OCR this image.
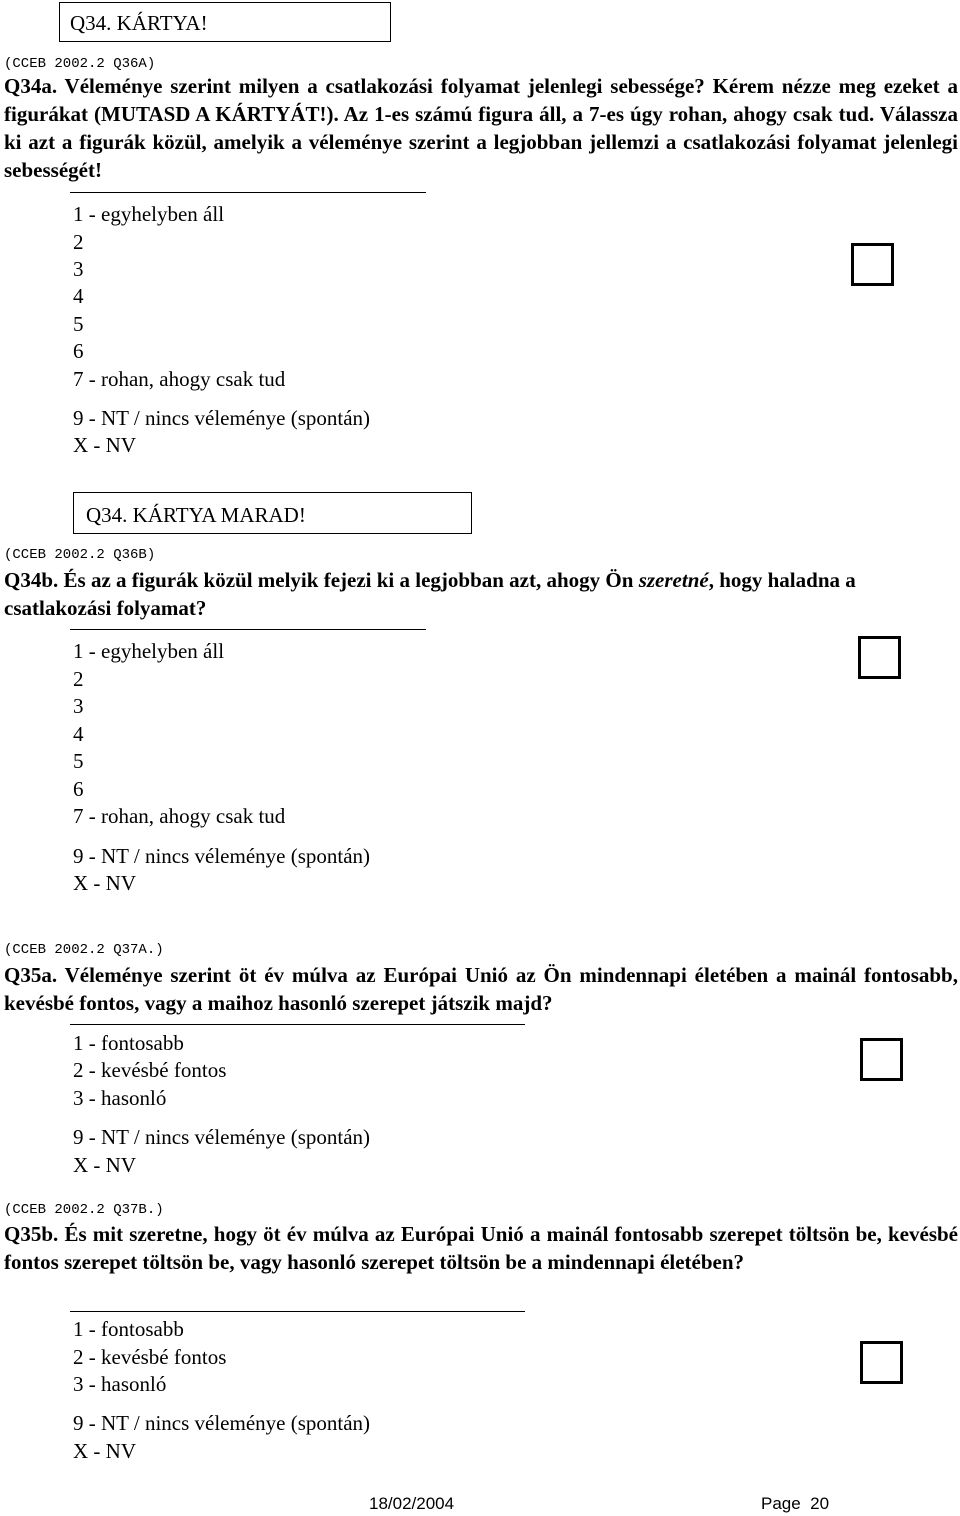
Q34. KÁRTYA!
(CCEB 2002.2 Q36A)
Q34a. Véleménye szerint milyen a csatlakozási folyamat jelenlegi sebessége? Kérem nézze meg ezeket a figurákat (MUTASD A KÁRTYÁT!). Az 1-es számú figura áll, a 7-es úgy rohan, ahogy csak tud. Válassza ki azt a figurák közül, amelyik a véleménye szerint a legjobban jellemzi a csatlakozási folyamat jelenlegi sebességét!
1 - egyhelyben áll
2
3
4
5
6
7 - rohan, ahogy csak tud
9 - NT / nincs véleménye (spontán)
X - NV
Q34. KÁRTYA MARAD!
(CCEB 2002.2 Q36B)
Q34b. És az a figurák közül melyik fejezi ki a legjobban azt, ahogy Ön szeretné, hogy haladna a csatlakozási folyamat?
1 - egyhelyben áll
2
3
4
5
6
7 - rohan, ahogy csak tud
9 - NT / nincs véleménye (spontán)
X - NV
(CCEB 2002.2 Q37A.)
Q35a. Véleménye szerint öt év múlva az Európai Unió az Ön mindennapi életében a mainál fontosabb, kevésbé fontos, vagy a maihoz hasonló szerepet játszik majd?
1 - fontosabb
2 - kevésbé fontos
3 - hasonló
9 - NT / nincs véleménye (spontán)
X - NV
(CCEB 2002.2 Q37B.)
Q35b. És mit szeretne, hogy öt év múlva az Európai Unió a mainál fontosabb szerepet töltsön be, kevésbé fontos szerepet töltsön be, vagy hasonló szerepet töltsön be a mindennapi életében?
1 - fontosabb
2 - kevésbé fontos
3 - hasonló
9 - NT / nincs véleménye (spontán)
X - NV
18/02/2004	Page  20
